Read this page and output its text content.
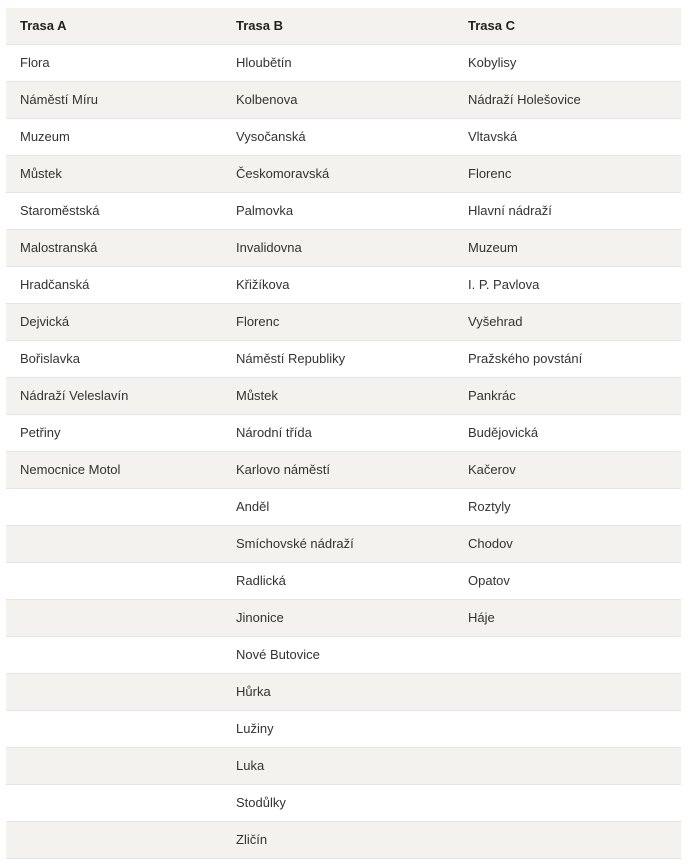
Trasa A	Trasa B	Trasa C
Flora	Hloubětín	Kobylisy
Náměstí Míru	Kolbenova	Nádraží Holešovice
Muzeum	Vysočanská	Vltavská
Můstek	Českomoravská	Florenc
Staroměstská	Palmovka	Hlavní nádraží
Malostranská	Invalidovna	Muzeum
Hradčanská	Křižíkova	I. P. Pavlova
Dejvická	Florenc	Vyšehrad
Bořislavka	Náměstí Republiky	Pražského povstání
Nádraží Veleslavín	Můstek	Pankrác
Petřiny	Národní třída	Budějovická
Nemocnice Motol	Karlovo náměstí	Kačerov
	Anděl	Roztyly
	Smíchovské nádraží	Chodov
	Radlická	Opatov
	Jinonice	Háje
	Nové Butovice	
	Hůrka	
	Lužiny	
	Luka	
	Stodůlky	
	Zličín	
